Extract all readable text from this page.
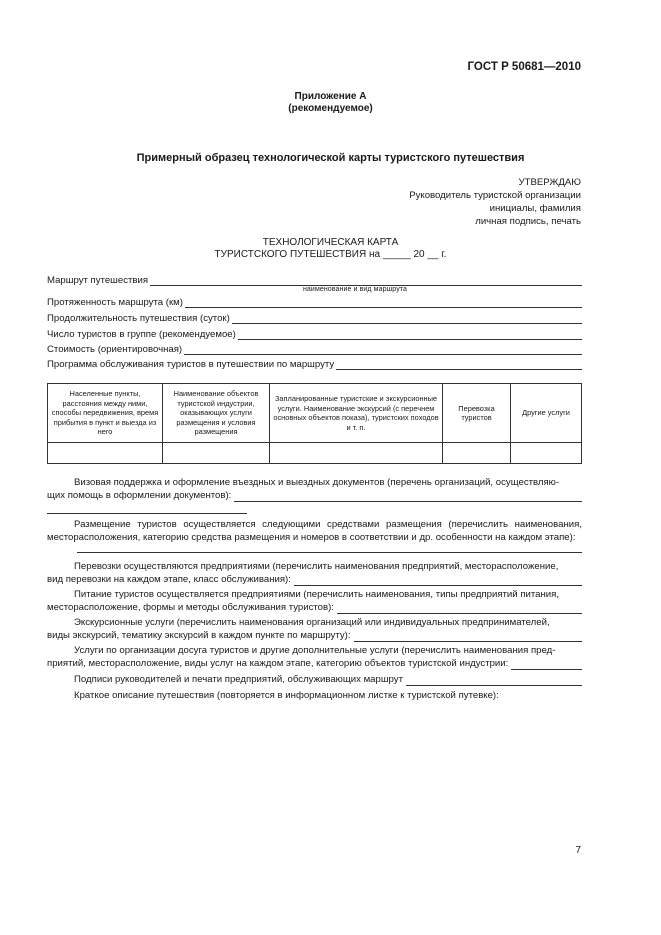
ГОСТ Р 50681—2010
Приложение А
(рекомендуемое)
Примерный образец технологической карты туристского путешествия
УТВЕРЖДАЮ
Руководитель туристской организации
инициалы, фамилия
личная подпись, печать
ТЕХНОЛОГИЧЕСКАЯ КАРТА
ТУРИСТСКОГО ПУТЕШЕСТВИЯ на _____ 20 __ г.
Маршрут путешествия
наименование и вид маршрута
Протяженность маршрута (км)
Продолжительность путешествия (суток)
Число туристов в группе (рекомендуемое)
Стоимость (ориентировочная)
Программа обслуживания туристов в путешествии по маршруту
Населенные пункты, расстояния между ними, способы передвижения, время прибытия в пункт и выезда из него	Наименование объектов туристской индустрии, оказывающих услуги размещения и условия размещения	Запланированные туристские и экскурсионные услуги. Наименование экскурсий (с перечнем основных объектов показа), туристских походов и т. п.	Перевозка туристов	Другие услуги

Визовая поддержка и оформление въездных и выездных документов (перечень организаций, осуществляю-
щих помощь в оформлении документов):
Размещение туристов осуществляется следующими средствами размещения (перечислить наименования, месторасположения, категорию средства размещения и номеров в соответствии и др. особенности на каждом этапе):
Перевозки осуществляются предприятиями (перечислить наименования предприятий, месторасположение,
вид перевозки на каждом этапе, класс обслуживания):
Питание туристов осуществляется предприятиями (перечислить наименования, типы предприятий питания,
месторасположение, формы и методы обслуживания туристов):
Экскурсионные услуги (перечислить наименования организаций или индивидуальных предпринимателей,
виды экскурсий, тематику экскурсий в каждом пункте по маршруту):
Услуги по организации досуга туристов и другие дополнительные услуги (перечислить наименования пред-
приятий, месторасположение, виды услуг на каждом этапе, категорию объектов туристской индустрии:
Подписи руководителей и печати предприятий, обслуживающих маршрут
Краткое описание путешествия (повторяется в информационном листке к туристской путевке):
7
